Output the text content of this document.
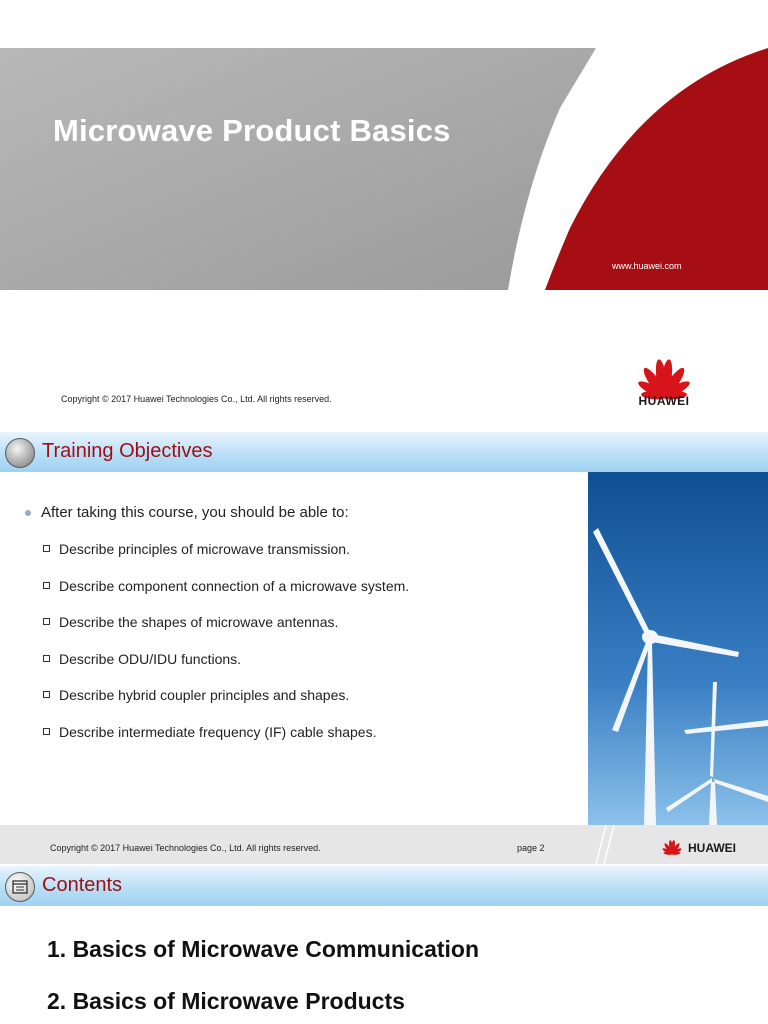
Microwave Product Basics
www.huawei.com
Copyright © 2017 Huawei Technologies Co., Ltd. All rights reserved.	HUAWEI
Training Objectives
After taking this course, you should be able to:
Describe principles of microwave transmission.
Describe component connection of a microwave system.
Describe the shapes of microwave antennas.
Describe ODU/IDU functions.
Describe hybrid coupler principles and shapes.
Describe intermediate frequency (IF) cable shapes.
Copyright © 2017 Huawei Technologies Co., Ltd. All rights reserved.	page 2	HUAWEI
Contents
1. Basics of Microwave Communication
2. Basics of Microwave Products
